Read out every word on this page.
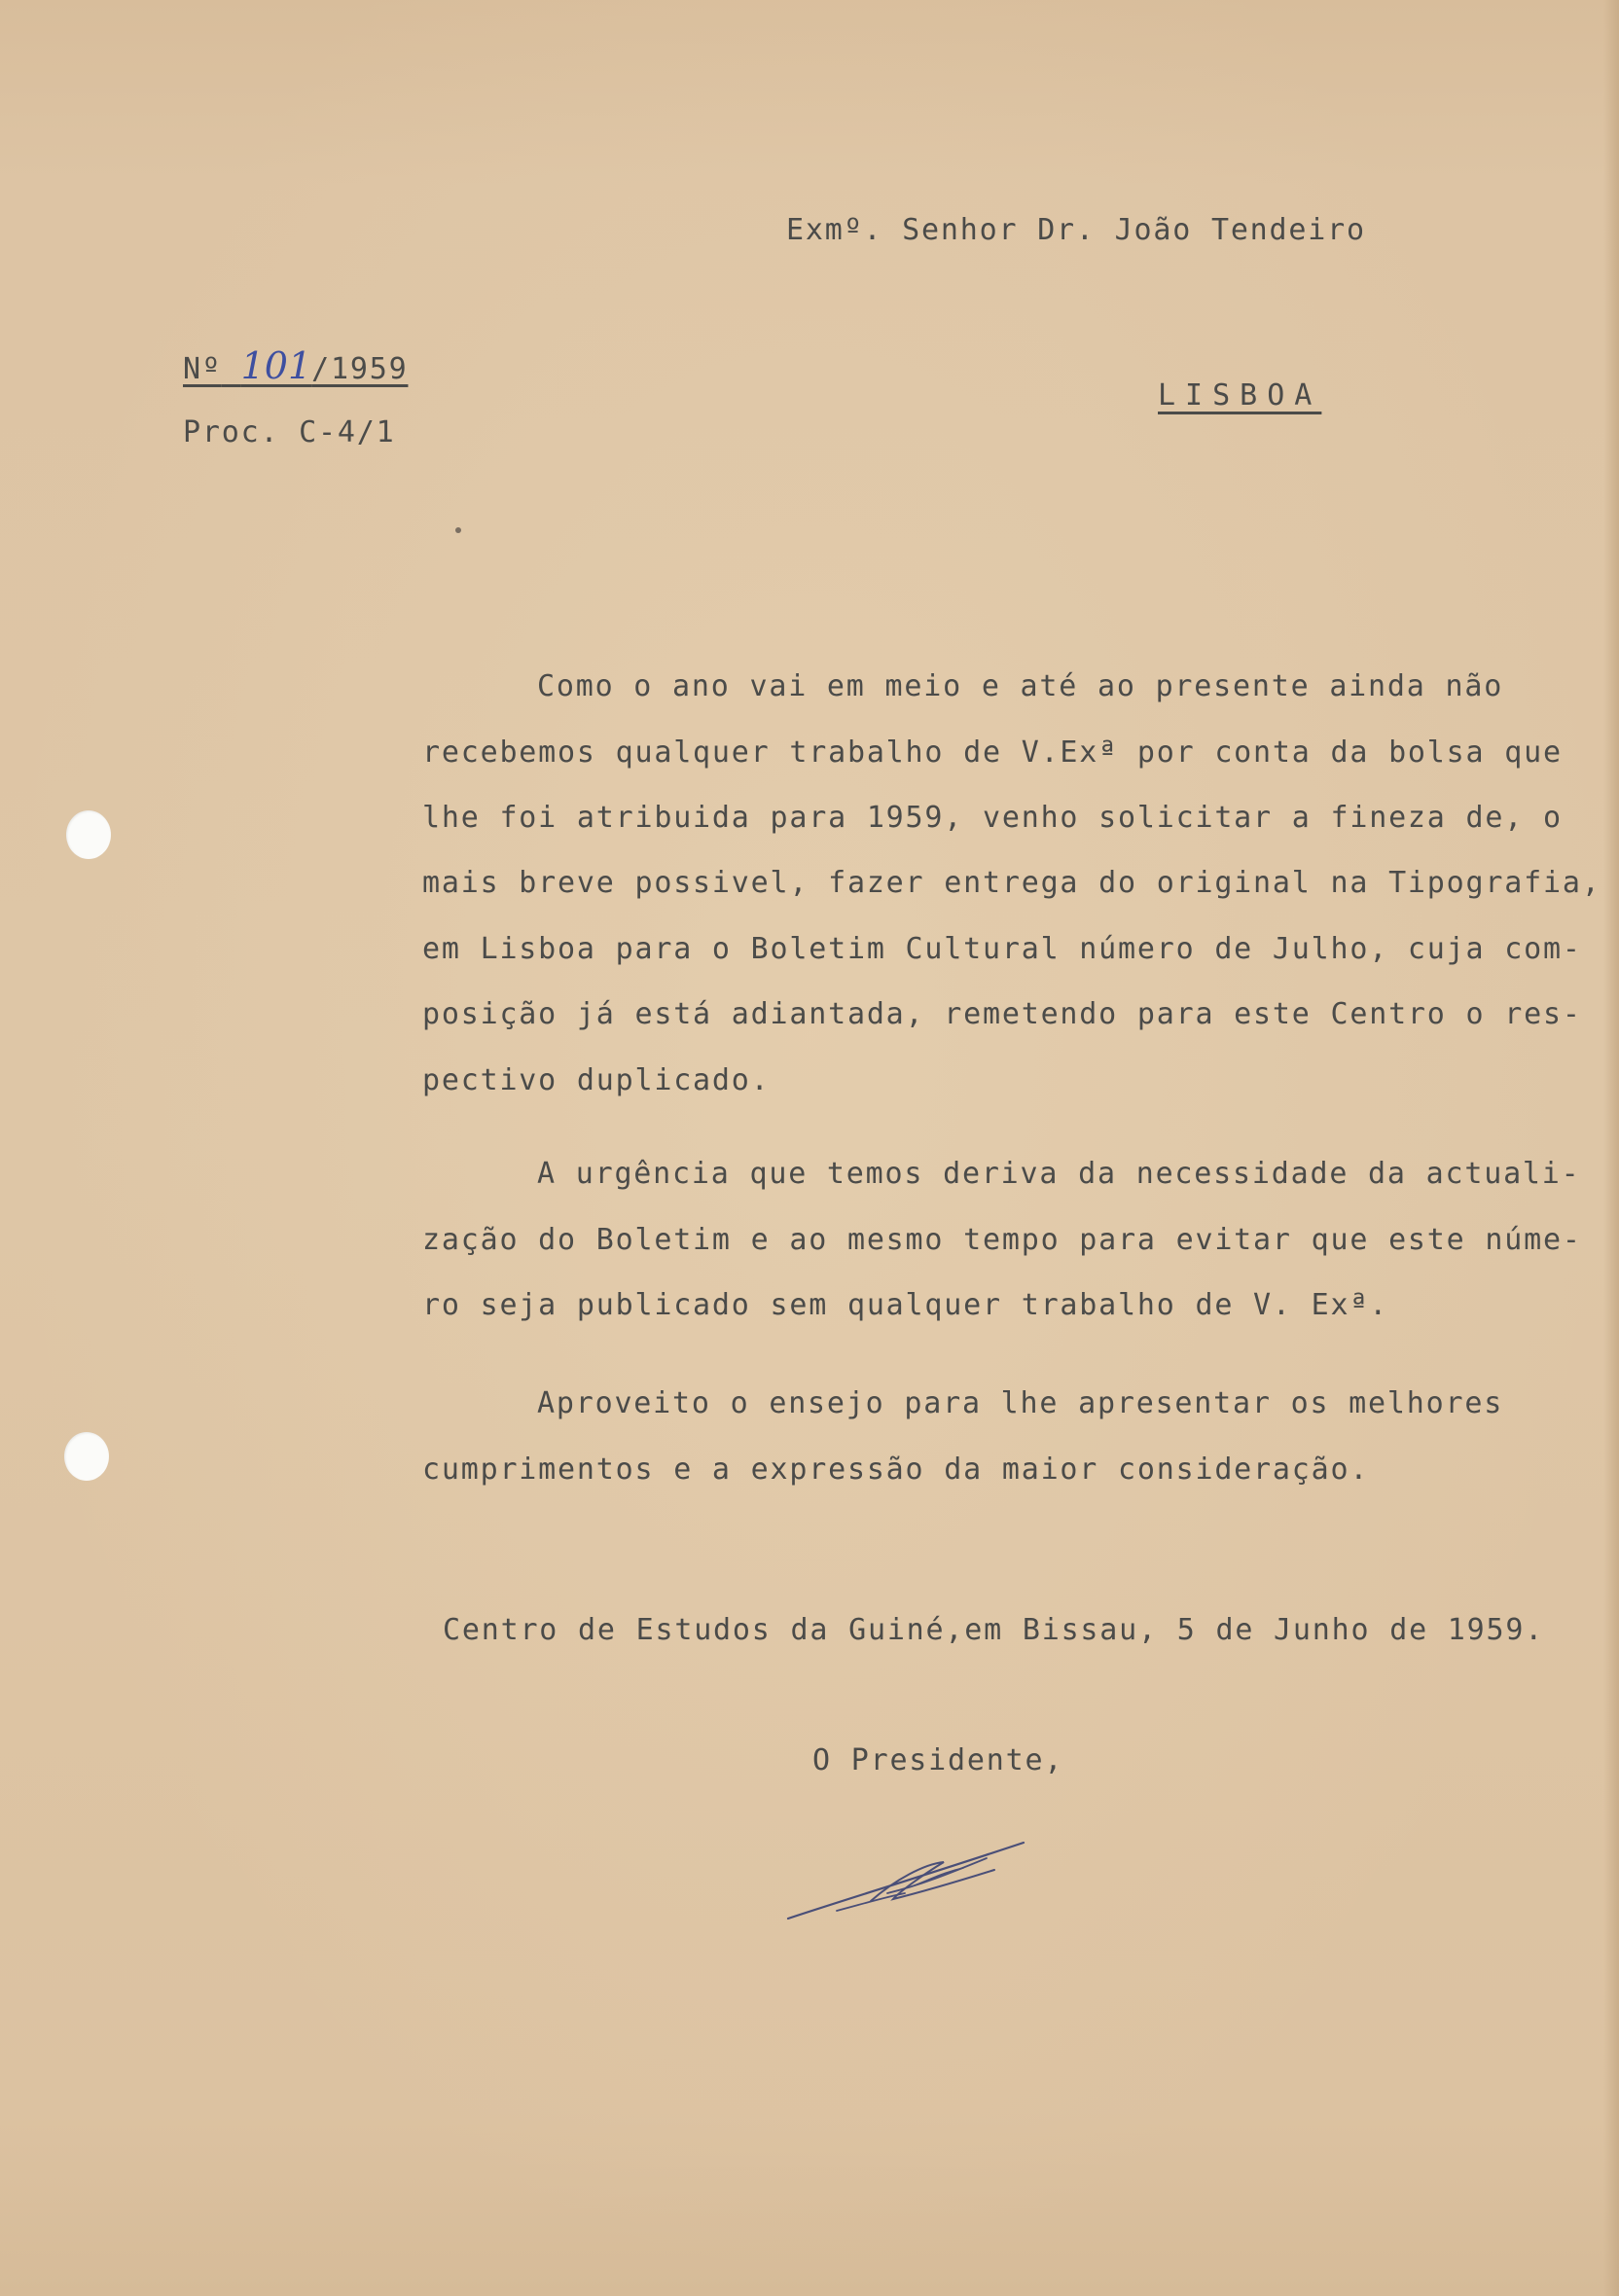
Exmº. Senhor Dr. João Tendeiro
Nº 101/1959
Proc. C-4/1
LISBOA
Como o ano vai em meio e até ao presente ainda não
recebemos qualquer trabalho de V.Exª por conta da bolsa que
lhe foi atribuida para 1959, venho solicitar a fineza de, o
mais breve possivel, fazer entrega do original na Tipografia,
em Lisboa para o Boletim Cultural número de Julho, cuja com-
posição já está adiantada, remetendo para este Centro o res-
pectivo duplicado.
A urgência que temos deriva da necessidade da actuali-
zação do Boletim e ao mesmo tempo para evitar que este núme-
ro seja publicado sem qualquer trabalho de V. Exª.
Aproveito o ensejo para lhe apresentar os melhores
cumprimentos e a expressão da maior consideração.
Centro de Estudos da Guiné,em Bissau, 5 de Junho de 1959.
O Presidente,
